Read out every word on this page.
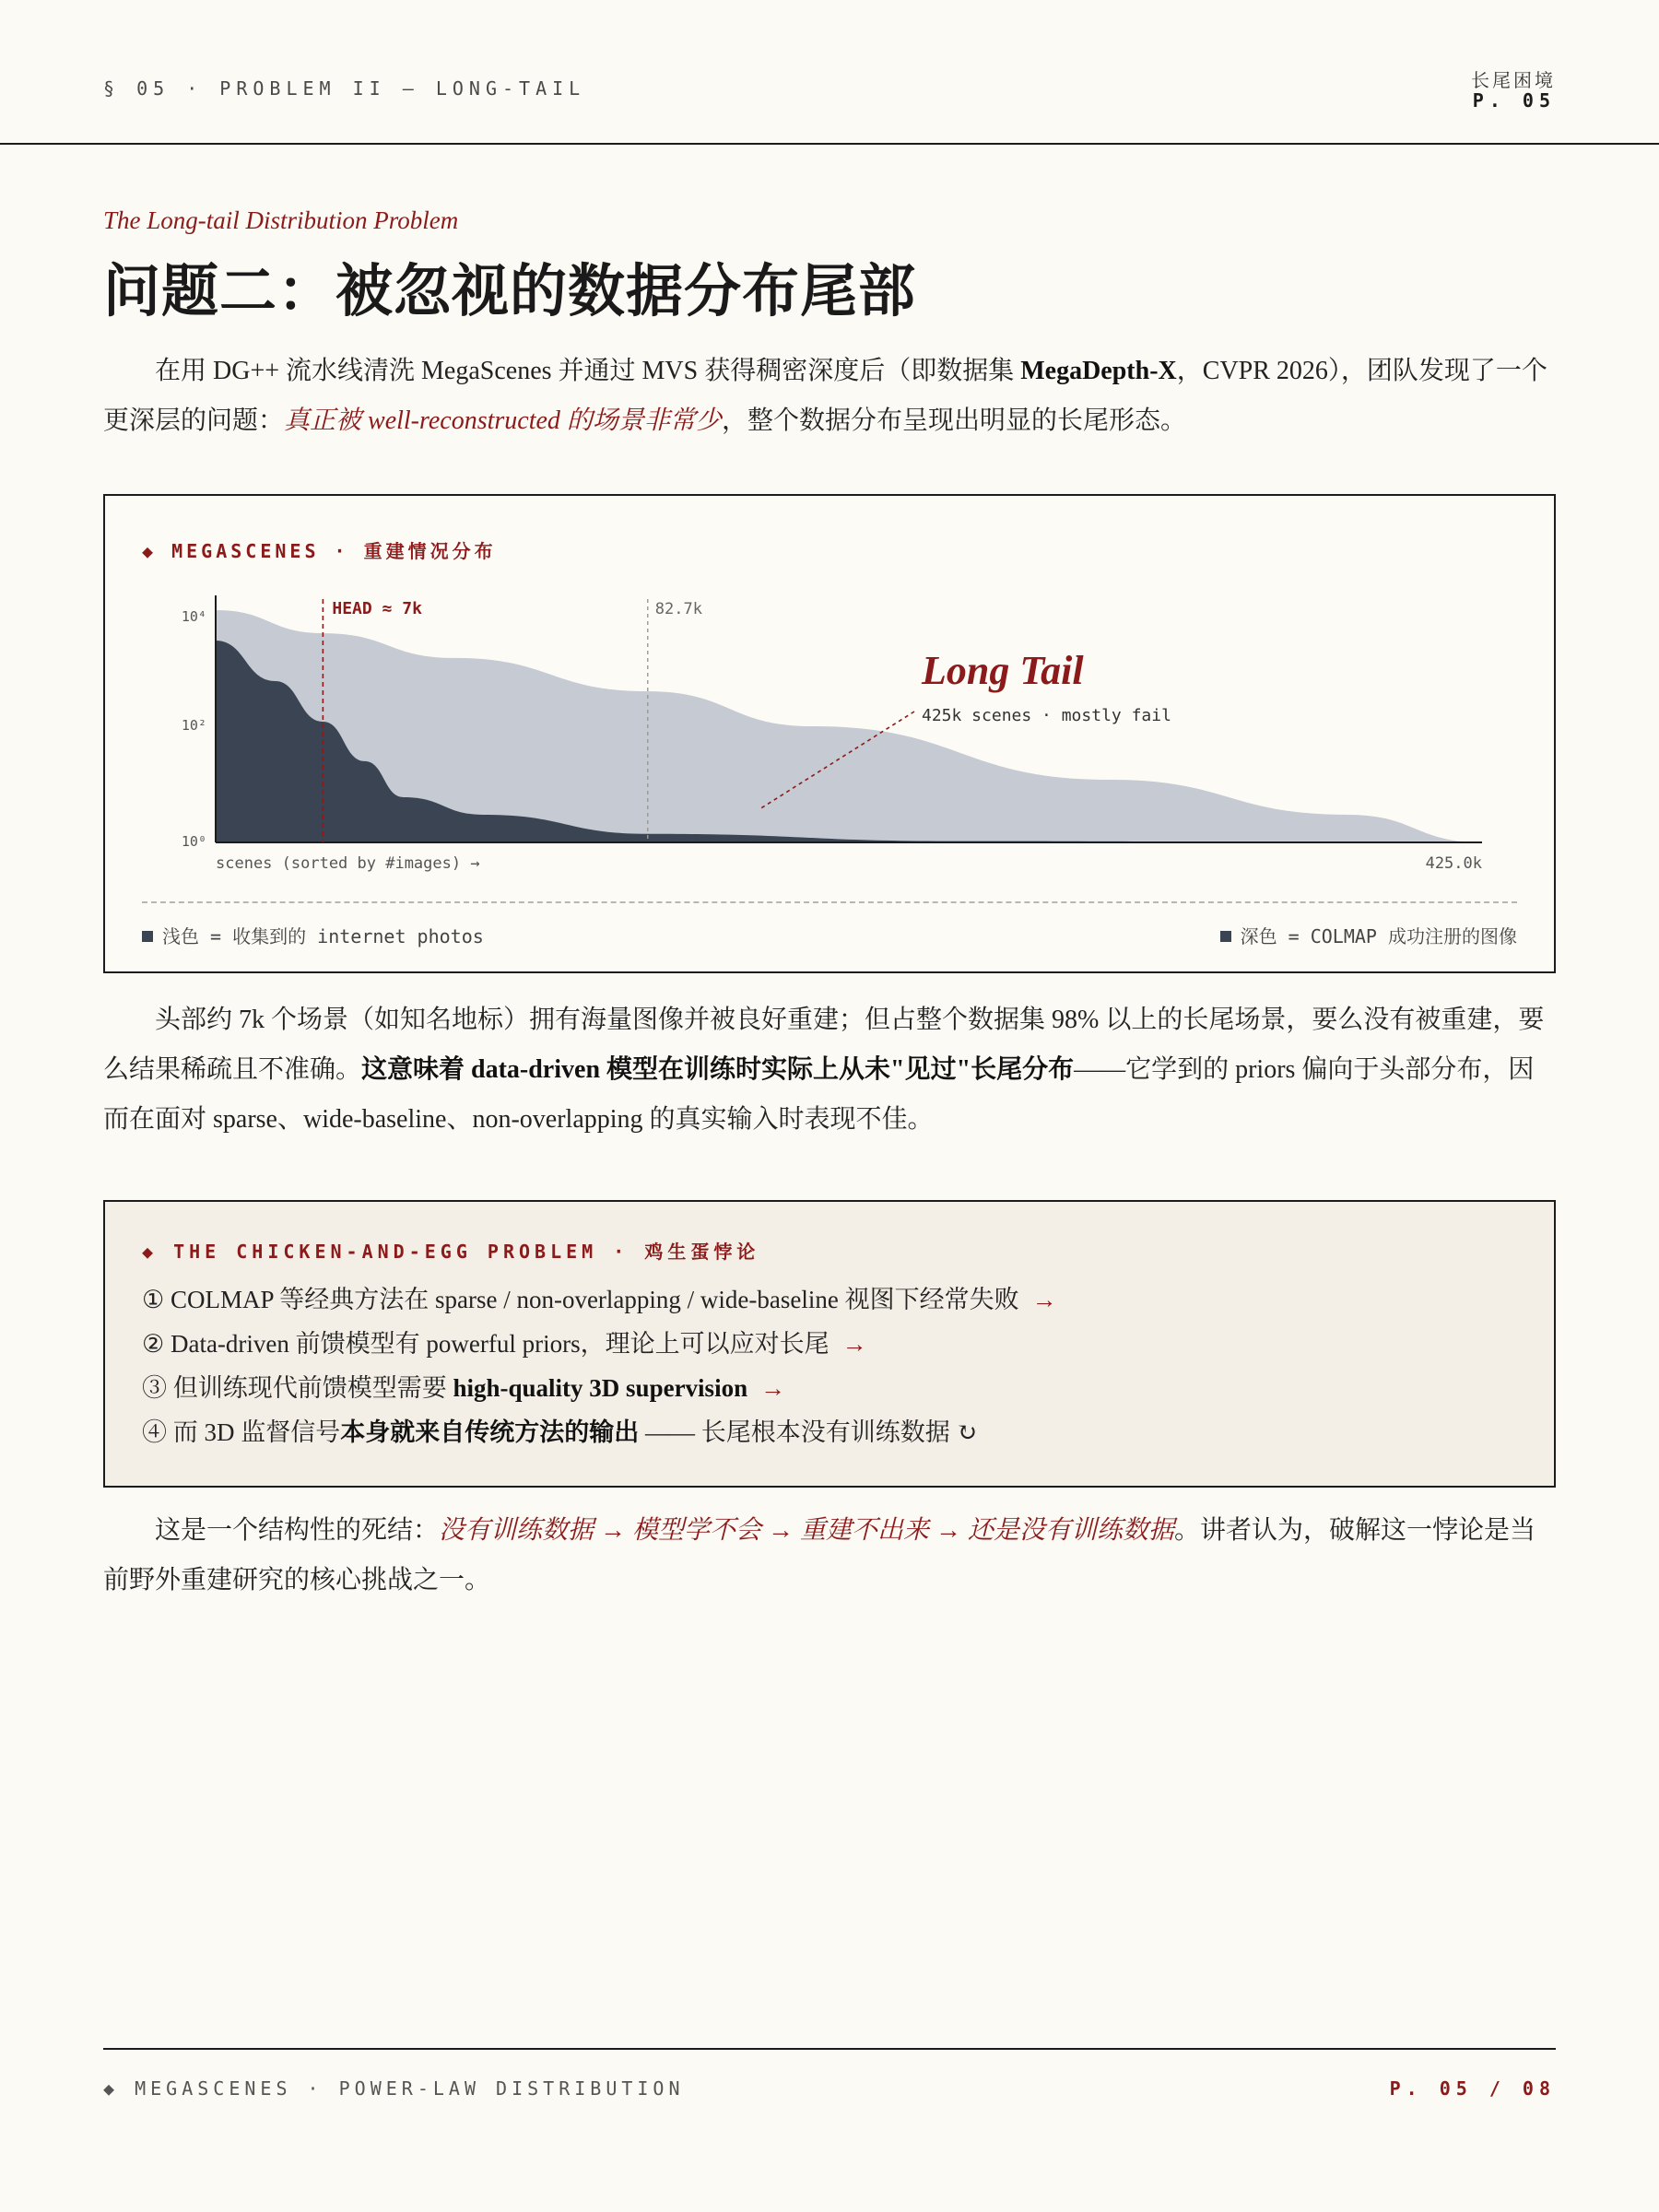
§ 05 · PROBLEM II — LONG-TAIL	长尾困境
P. 05
The Long-tail Distribution Problem
问题二：被忽视的数据分布尾部
在用 DG++ 流水线清洗 MegaScenes 并通过 MVS 获得稠密深度后（即数据集 MegaDepth-X，CVPR 2026），团队发现了一个更深层的问题：真正被 well-reconstructed 的场景非常少，整个数据分布呈现出明显的长尾形态。
◆ MEGASCENES · 重建情况分布
10⁰
10²
10⁴	HEAD ≈ 7k	82.7k
Long Tail
425k scenes · mostly fail
scenes (sorted by #images) →	425.0k
浅色 = 收集到的 internet photos	深色 = COLMAP 成功注册的图像
头部约 7k 个场景（如知名地标）拥有海量图像并被良好重建；但占整个数据集 98% 以上的长尾场景，要么没有被重建，要么结果稀疏且不准确。这意味着 data-driven 模型在训练时实际上从未"见过"长尾分布——它学到的 priors 偏向于头部分布，因而在面对 sparse、wide-baseline、non-overlapping 的真实输入时表现不佳。
◆ THE CHICKEN-AND-EGG PROBLEM · 鸡生蛋悖论
① COLMAP 等经典方法在 sparse / non-overlapping / wide-baseline 视图下经常失败 →
② Data-driven 前馈模型有 powerful priors，理论上可以应对长尾 →
③ 但训练现代前馈模型需要 high-quality 3D supervision →
④ 而 3D 监督信号本身就来自传统方法的输出 —— 长尾根本没有训练数据 ↻
这是一个结构性的死结：没有训练数据 → 模型学不会 → 重建不出来 → 还是没有训练数据。讲者认为，破解这一悖论是当前野外重建研究的核心挑战之一。
◆ MEGASCENES · POWER-LAW DISTRIBUTION	P. 05 / 08
